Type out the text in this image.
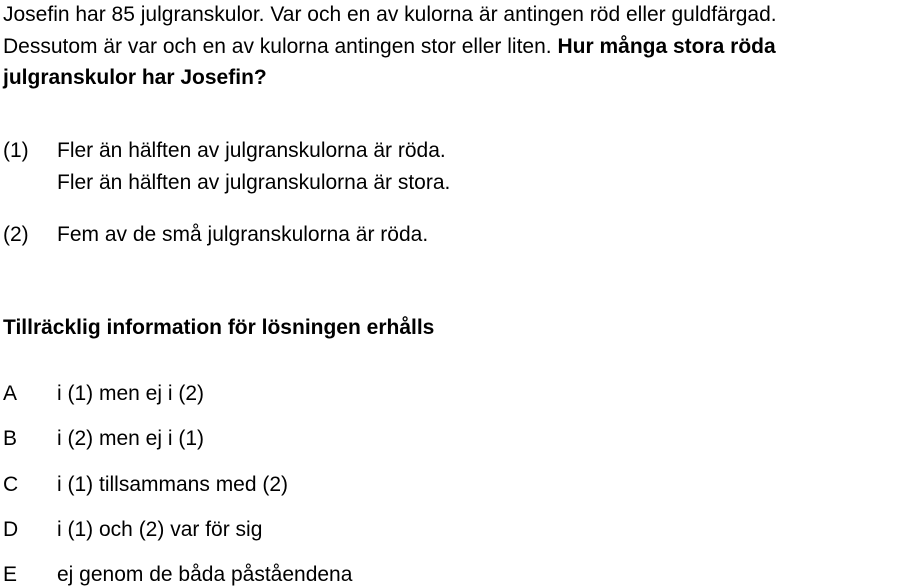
Josefin har 85 julgranskulor. Var och en av kulorna är antingen röd eller guldfärgad.
Dessutom är var och en av kulorna antingen stor eller liten. Hur många stora röda
julgranskulor har Josefin?
(1) Fler än hälften av julgranskulorna är röda.
Fler än hälften av julgranskulorna är stora.
(2) Fem av de små julgranskulorna är röda.
Tillräcklig information för lösningen erhålls
A i (1) men ej i (2)
B i (2) men ej i (1)
C i (1) tillsammans med (2)
D i (1) och (2) var för sig
E ej genom de båda påståendena
